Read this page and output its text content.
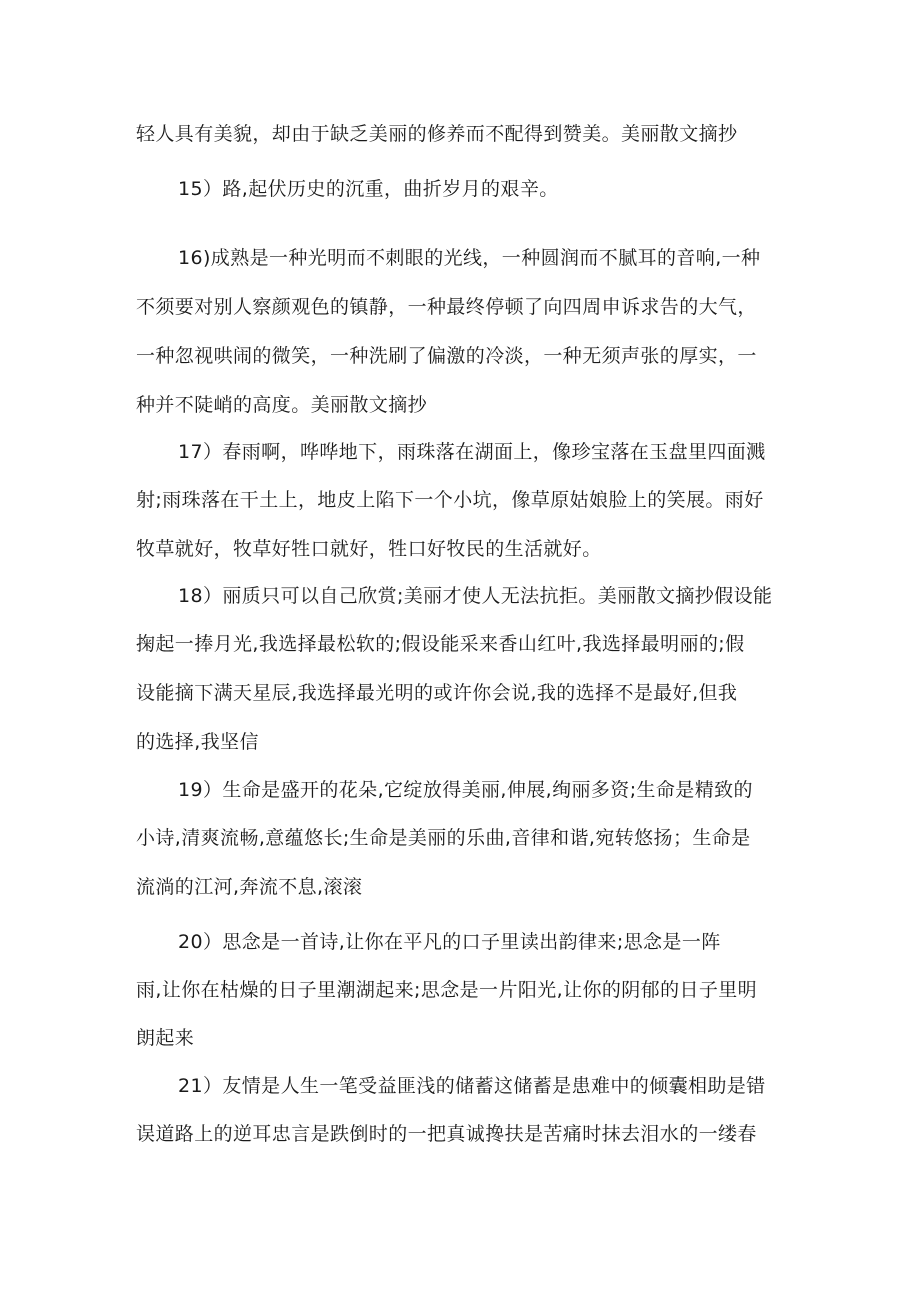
轻人具有美貌，却由于缺乏美丽的修养而不配得到赞美。美丽散文摘抄
15）路,起伏历史的沉重，曲折岁月的艰辛。
16)成熟是一种光明而不刺眼的光线，一种圆润而不腻耳的音响,一种
不须要对别人察颜观色的镇静，一种最终停顿了向四周申诉求告的大气，
一种忽视哄闹的微笑，一种洗刷了偏激的冷淡，一种无须声张的厚实，一
种并不陡峭的高度。美丽散文摘抄
17）春雨啊，哗哗地下，雨珠落在湖面上，像珍宝落在玉盘里四面溅
射;雨珠落在干土上，地皮上陷下一个小坑，像草原姑娘脸上的笑展。雨好
牧草就好，牧草好牲口就好，牲口好牧民的生活就好。
18）丽质只可以自己欣赏;美丽才使人无法抗拒。美丽散文摘抄假设能
掬起一捧月光,我选择最松软的;假设能采来香山红叶,我选择最明丽的;假
设能摘下满天星辰,我选择最光明的或许你会说,我的选择不是最好,但我
的选择,我坚信
19）生命是盛开的花朵,它绽放得美丽,伸展,绚丽多资;生命是精致的
小诗,清爽流畅,意蕴悠长;生命是美丽的乐曲,音律和谐,宛转悠扬；生命是
流淌的江河,奔流不息,滚滚
20）思念是一首诗,让你在平凡的口子里读出韵律来;思念是一阵
雨,让你在枯燥的日子里潮湖起来;思念是一片阳光,让你的阴郁的日子里明
朗起来
21）友情是人生一笔受益匪浅的储蓄这储蓄是患难中的倾囊相助是错
误道路上的逆耳忠言是跌倒时的一把真诚搀扶是苦痛时抹去泪水的一缕春
